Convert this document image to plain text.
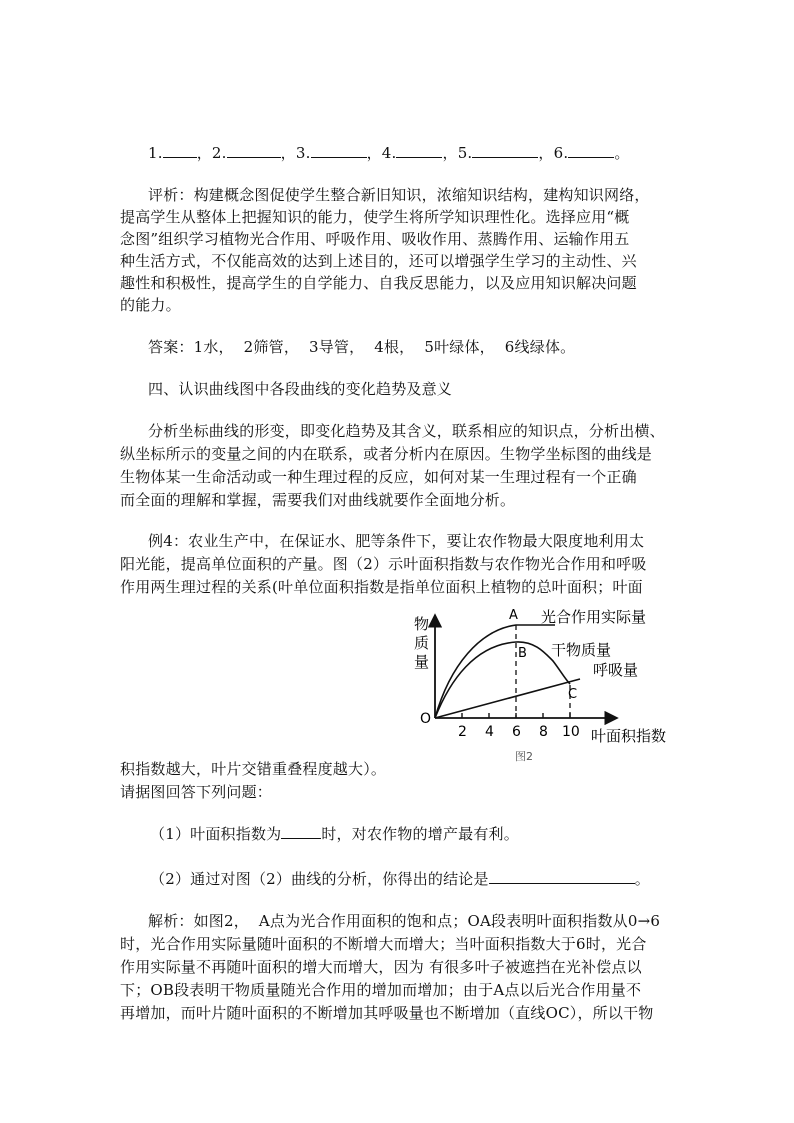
1. ，2.	，3.	，4.	，5.	，6.	。
评析：构建概念图促使学生整合新旧知识，浓缩知识结构，建构知识网络，
提高学生从整体上把握知识的能力，使学生将所学知识理性化。选择应用“概
念图”组织学习植物光合作用、呼吸作用、吸收作用、蒸腾作用、运输作用五
种生活方式，不仅能高效的达到上述目的，还可以增强学生学习的主动性、兴
趣性和积极性，提高学生的自学能力、自我反思能力，以及应用知识解决问题
的能力。
答案：1水，  2筛管，  3导管，  4根，  5叶绿体，  6线绿体。
四、认识曲线图中各段曲线的变化趋势及意义
分析坐标曲线的形变，即变化趋势及其含义，联系相应的知识点，分析出横、
纵坐标所示的变量之间的内在联系，或者分析内在原因。生物学坐标图的曲线是
生物体某一生命活动或一种生理过程的反应，如何对某一生理过程有一个正确
而全面的理解和掌握，需要我们对曲线就要作全面地分析。
例4：农业生产中，在保证水、肥等条件下，要让农作物最大限度地利用太
阳光能，提高单位面积的产量。图（2）示叶面积指数与农作物光合作用和呼吸
作用两生理过程的关系(叶单位面积指数是指单位面积上植物的总叶面积；叶面
物
质
量
O
2 4 6 8 10
A
B
C
光合作用实际量
干物质量
呼吸量
叶面积指数
图2
积指数越大，叶片交错重叠程度越大）。
请据图回答下列问题：
（1）叶面积指数为	时，对农作物的增产最有利。
（2）通过对图（2）曲线的分析，你得出的结论是	。
解析：如图2，  A点为光合作用面积的饱和点；OA段表明叶面积指数从0→6
时，光合作用实际量随叶面积的不断增大而增大；当叶面积指数大于6时，光合
作用实际量不再随叶面积的增大而增大，因为 有很多叶子被遮挡在光补偿点以
下；OB段表明干物质量随光合作用的增加而增加；由于A点以后光合作用量不
再增加，而叶片随叶面积的不断增加其呼吸量也不断增加（直线OC），所以干物
